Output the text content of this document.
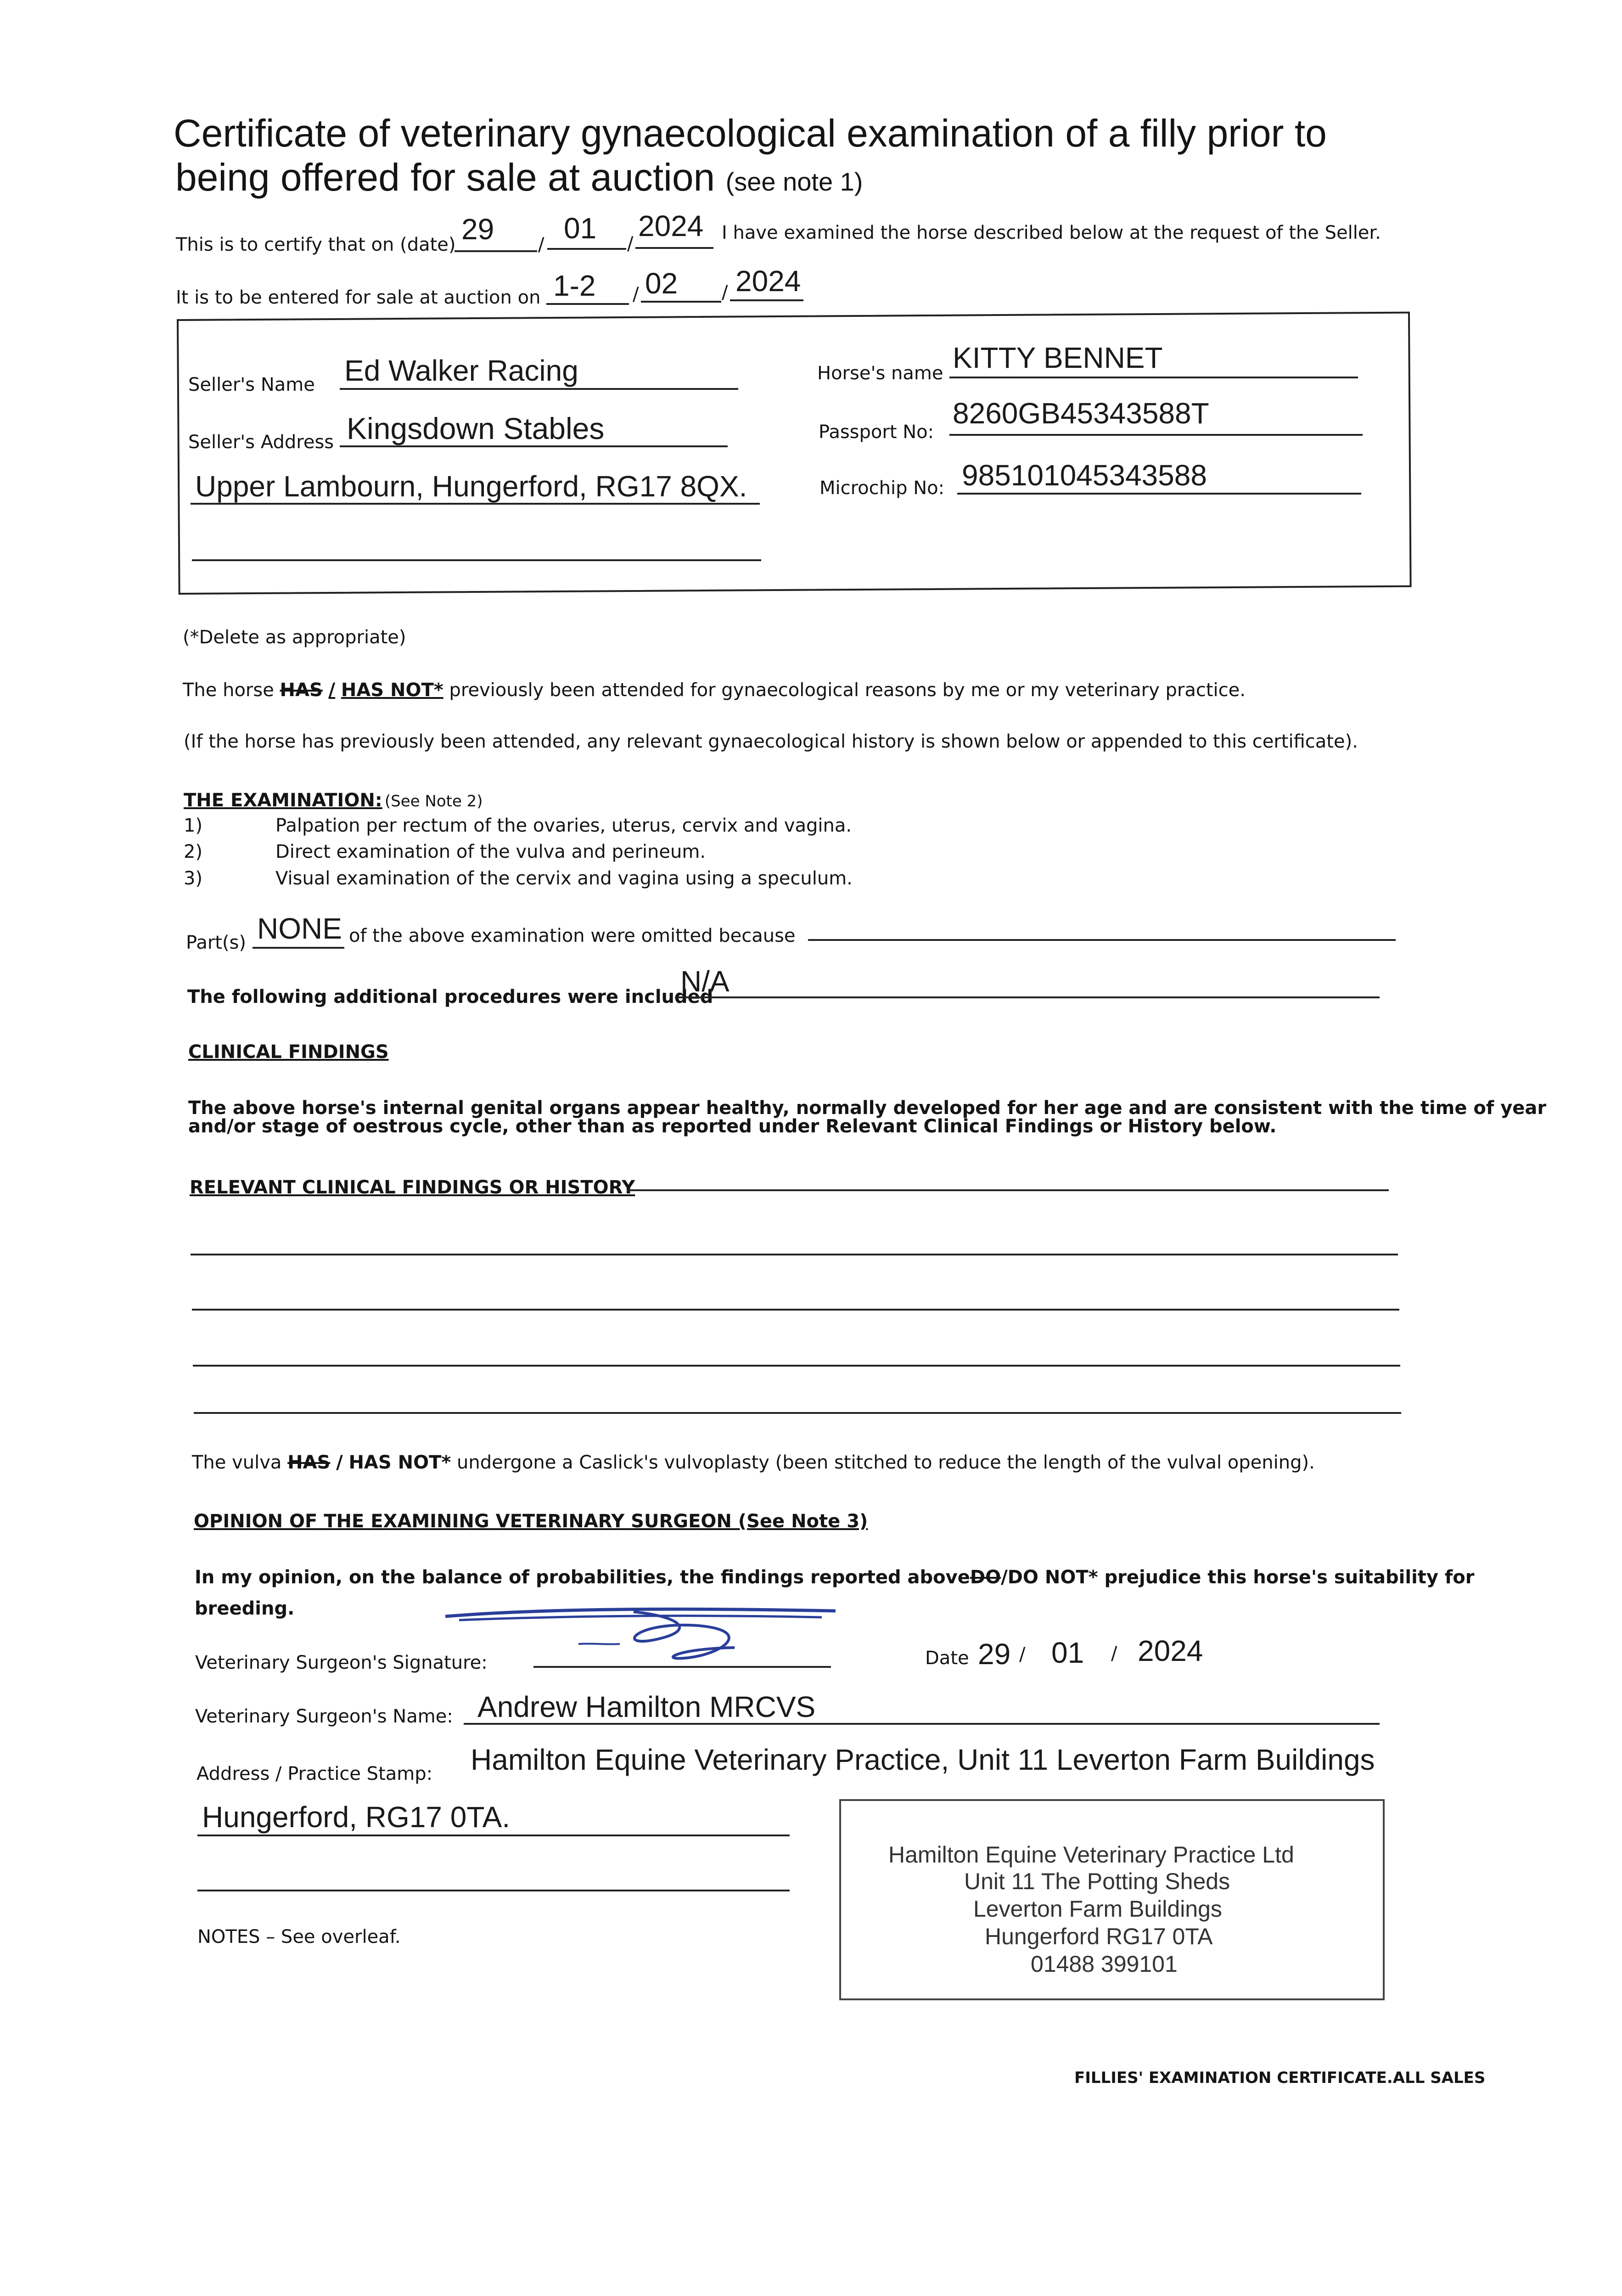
Certificate of veterinary gynaecological examination of a filly prior to
being offered for sale at auction (see note 1)
This is to certify that on (date) 29 / 01 /
2024 I have examined the horse described below at the request of the Seller.
It is to be entered for sale at auction on 1-2 / 02 / 2024
Seller's Name Ed Walker Racing
Seller's Address Kingsdown Stables
Upper Lambourn, Hungerford, RG17 8QX.
Horse's name KITTY BENNET
Passport No:
8260GB45343588T
Microchip No: 985101045343588
(*Delete as appropriate)
The horse HAS / HAS NOT* previously been attended for gynaecological reasons by me or my veterinary practice.
(If the horse has previously been attended, any relevant gynaecological history is shown below or appended to this certificate).
THE EXAMINATION: (See Note 2)
1)	Palpation per rectum of the ovaries, uterus, cervix and vagina.
2)	Direct examination of the vulva and perineum.
3)	Visual examination of the cervix and vagina using a speculum.
Part(s) NONE of the above examination were omitted because
The following additional procedures were included
N/A
CLINICAL FINDINGS
The above horse's internal genital organs appear healthy, normally developed for her age and are consistent with the time of year
and/or stage of oestrous cycle, other than as reported under Relevant Clinical Findings or History below.
RELEVANT CLINICAL FINDINGS OR HISTORY
The vulva HAS / HAS NOT* undergone a Caslick's vulvoplasty (been stitched to reduce the length of the vulval opening).
OPINION OF THE EXAMINING VETERINARY SURGEON (See Note 3)
In my opinion, on the balance of probabilities, the findings reported aboveDO/DO NOT* prejudice this horse's suitability for
breeding.
Veterinary Surgeon's Signature:	Date 29 / 01 / 2024
Veterinary Surgeon's Name: Andrew Hamilton MRCVS
Address / Practice Stamp: Hamilton Equine Veterinary Practice, Unit 11 Leverton Farm Buildings
Hungerford, RG17 0TA.
Hamilton Equine Veterinary Practice Ltd
Unit 11 The Potting Sheds
Leverton Farm Buildings
Hungerford RG17 0TA
01488 399101
NOTES – See overleaf.
FILLIES' EXAMINATION CERTIFICATE.ALL SALES
